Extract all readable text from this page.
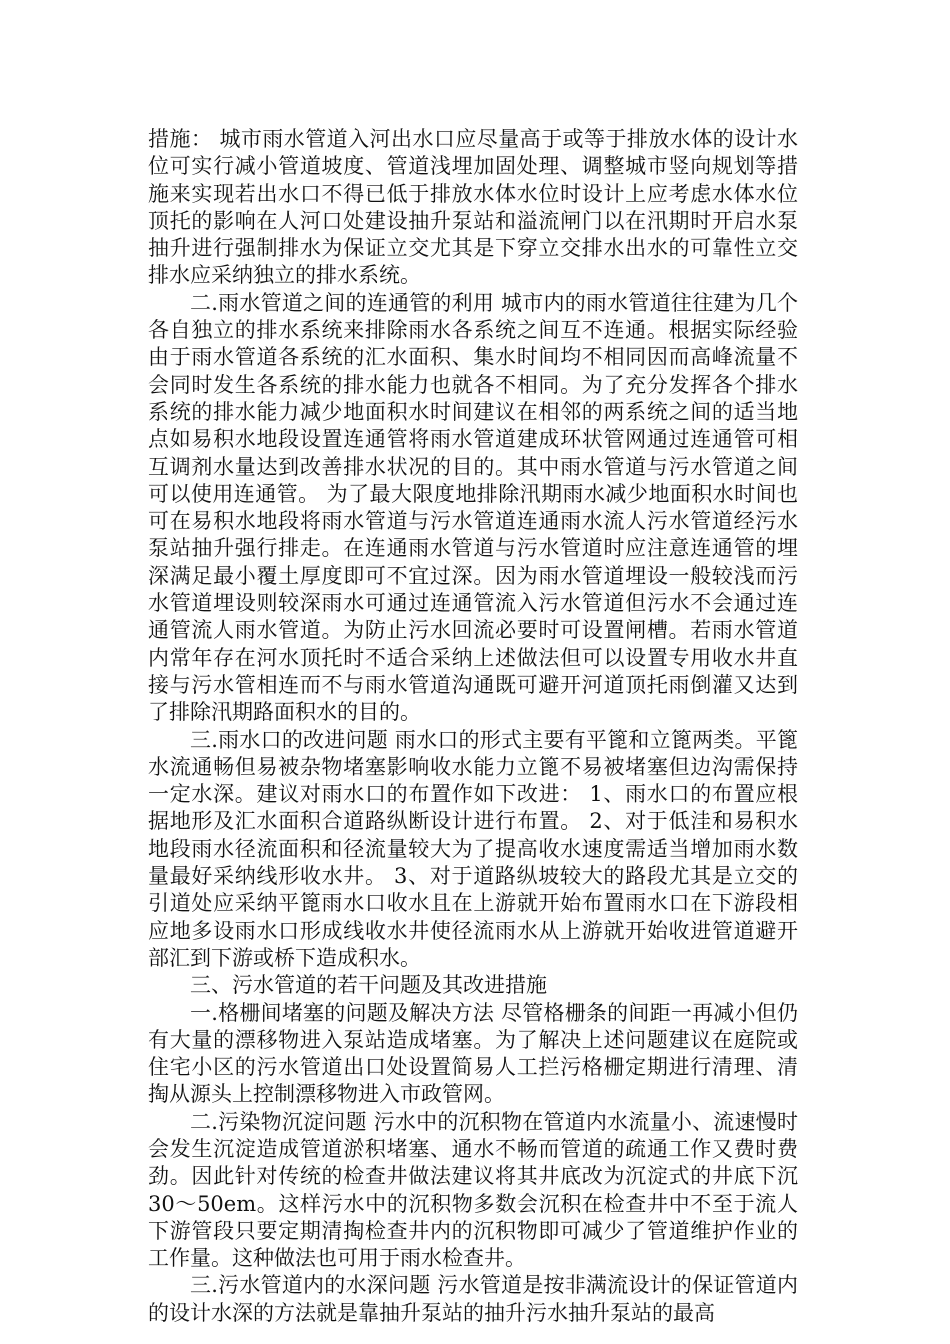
措施： 城市雨水管道入河出水口应尽量高于或等于排放水体的设计水位可实行减小管道坡度、管道浅埋加固处理、调整城市竖向规划等措施来实现若出水口不得已低于排放水体水位时设计上应考虑水体水位顶托的影响在人河口处建设抽升泵站和溢流闸门以在汛期时开启水泵抽升进行强制排水为保证立交尤其是下穿立交排水出水的可靠性立交排水应采纳独立的排水系统。

二.雨水管道之间的连通管的利用 城市内的雨水管道往往建为几个各自独立的排水系统来排除雨水各系统之间互不连通。根据实际经验由于雨水管道各系统的汇水面积、集水时间均不相同因而高峰流量不会同时发生各系统的排水能力也就各不相同。为了充分发挥各个排水系统的排水能力减少地面积水时间建议在相邻的两系统之间的适当地点如易积水地段设置连通管将雨水管道建成环状管网通过连通管可相互调剂水量达到改善排水状况的目的。其中雨水管道与污水管道之间可以使用连通管。 为了最大限度地排除汛期雨水减少地面积水时间也可在易积水地段将雨水管道与污水管道连通雨水流人污水管道经污水泵站抽升强行排走。在连通雨水管道与污水管道时应注意连通管的埋深满足最小覆土厚度即可不宜过深。因为雨水管道埋设一般较浅而污水管道埋设则较深雨水可通过连通管流入污水管道但污水不会通过连通管流人雨水管道。为防止污水回流必要时可设置闸槽。若雨水管道内常年存在河水顶托时不适合采纳上述做法但可以设置专用收水井直接与污水管相连而不与雨水管道沟通既可避开河道顶托雨倒灌又达到了排除汛期路面积水的目的。

三.雨水口的改进问题 雨水口的形式主要有平篦和立篦两类。平篦水流通畅但易被杂物堵塞影响收水能力立篦不易被堵塞但边沟需保持一定水深。建议对雨水口的布置作如下改进： 1、雨水口的布置应根据地形及汇水面积合道路纵断设计进行布置。 2、对于低洼和易积水地段雨水径流面积和径流量较大为了提高收水速度需适当增加雨水数量最好采纳线形收水井。 3、对于道路纵坡较大的路段尤其是立交的引道处应采纳平篦雨水口收水且在上游就开始布置雨水口在下游段相应地多设雨水口形成线收水井使径流雨水从上游就开始收进管道避开部汇到下游或桥下造成积水。

三、污水管道的若干问题及其改进措施

一.格栅间堵塞的问题及解决方法 尽管格栅条的间距一再减小但仍有大量的漂移物进入泵站造成堵塞。为了解决上述问题建议在庭院或住宅小区的污水管道出口处设置简易人工拦污格栅定期进行清理、清掏从源头上控制漂移物进入市政管网。

二.污染物沉淀问题 污水中的沉积物在管道内水流量小、流速慢时会发生沉淀造成管道淤积堵塞、通水不畅而管道的疏通工作又费时费劲。因此针对传统的检查井做法建议将其井底改为沉淀式的井底下沉 30～50em。这样污水中的沉积物多数会沉积在检查井中不至于流人下游管段只要定期清掏检查井内的沉积物即可减少了管道维护作业的工作量。这种做法也可用于雨水检查井。

三.污水管道内的水深问题 污水管道是按非满流设计的保证管道内的设计水深的方法就是靠抽升泵站的抽升污水抽升泵站的最高
